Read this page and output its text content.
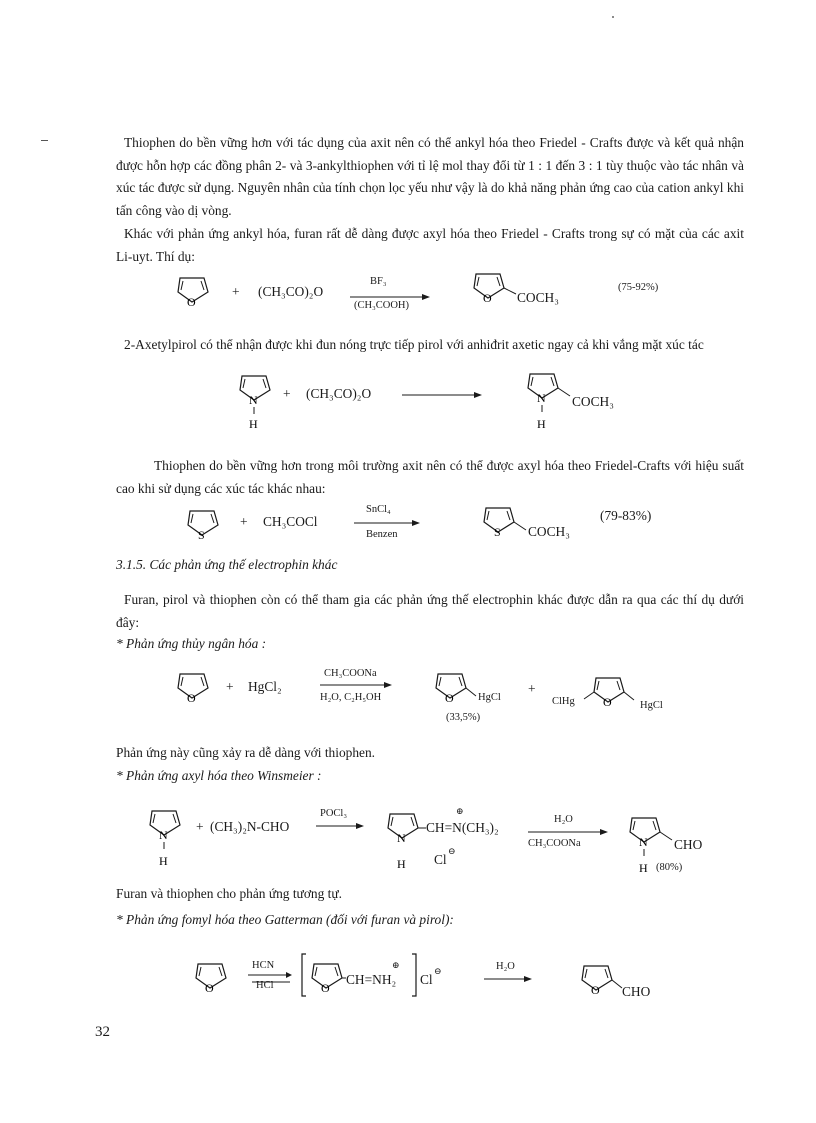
Thiophen do bền vững hơn với tác dụng của axit nên có thể ankyl hóa theo Friedel - Crafts được và kết quả nhận được hỗn hợp các đồng phân 2- và 3-ankylthiophen với tỉ lệ mol thay đổi từ 1 : 1 đến 3 : 1 tùy thuộc vào tác nhân và xúc tác được sử dụng. Nguyên nhân của tính chọn lọc yếu như vậy là do khả năng phản ứng cao của cation ankyl khi tấn công vào dị vòng.

Khác với phản ứng ankyl hóa, furan rất dễ dàng được axyl hóa theo Friedel - Crafts trong sự có mặt của các axit Li-uyt. Thí dụ:

O
+ (CH₃CO)₂O
BF₃
(CH₃COOH)
O COCH₃
(75-92%)

2-Axetylpirol có thể nhận được khi đun nóng trực tiếp pirol với anhiđrit axetic ngay cả khi vắng mặt xúc tác

N
H
+ (CH₃CO)₂O	N
H
COCH₃

Thiophen do bền vững hơn trong môi trường axit nên có thể được axyl hóa theo Friedel-Crafts với hiệu suất cao khi sử dụng các xúc tác khác nhau:

S
+ CH₃COCl
SnCl₄
Benzen	S COCH₃
(79-83%)
3.1.5. Các phản ứng thế electrophin khác

Furan, pirol và thiophen còn có thể tham gia các phản ứng thế electrophin khác được dẫn ra qua các thí dụ dưới đây:

* Phản ứng thủy ngân hóa :
O
+ HgCl₂
CH₃COONa
H₂O, C₂H₅OH	O HgCl
(33,5%)
+
ClHg O	HgCl

Phản ứng này cũng xảy ra dễ dàng với thiophen.

* Phản ứng axyl hóa theo Winsmeier :
N
H
+ (CH₃)₂N-CHO
POCl₃
N
H
⊕
CH=N(CH₃)₂
Cl
⊖
H₂O
CH₃COONa	N
H
CHO
(80%)

Furan và thiophen cho phản ứng tương tự.

* Phản ứng fomyl hóa theo Gatterman (đối với furan và pirol):
O
HCN
HCl	O
⊕
CH=NH₂ Cl
⊖	H₂O
O CHO
32
